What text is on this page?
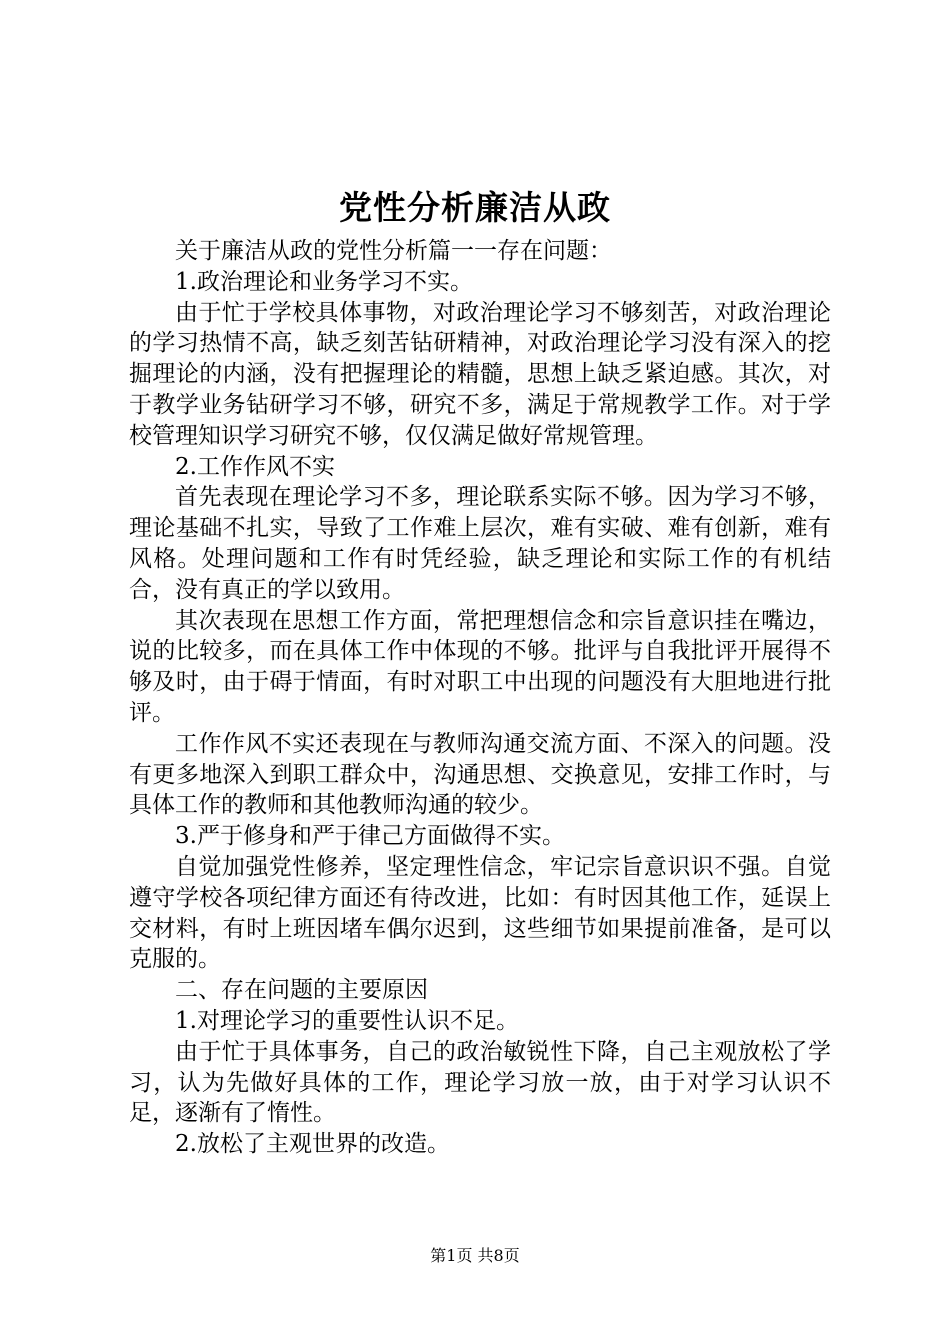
党性分析廉洁从政

关于廉洁从政的党性分析篇一一存在问题：

1.政治理论和业务学习不实。

由于忙于学校具体事物，对政治理论学习不够刻苦，对政治理论的学习热情不高，缺乏刻苦钻研精神，对政治理论学习没有深入的挖掘理论的内涵，没有把握理论的精髓，思想上缺乏紧迫感。其次，对于教学业务钻研学习不够，研究不多，满足于常规教学工作。对于学校管理知识学习研究不够，仅仅满足做好常规管理。

2.工作作风不实

首先表现在理论学习不多，理论联系实际不够。因为学习不够，理论基础不扎实，导致了工作难上层次，难有实破、难有创新，难有风格。处理问题和工作有时凭经验，缺乏理论和实际工作的有机结合，没有真正的学以致用。

其次表现在思想工作方面，常把理想信念和宗旨意识挂在嘴边，说的比较多，而在具体工作中体现的不够。批评与自我批评开展得不够及时，由于碍于情面，有时对职工中出现的问题没有大胆地进行批评。

工作作风不实还表现在与教师沟通交流方面、不深入的问题。没有更多地深入到职工群众中，沟通思想、交换意见，安排工作时，与具体工作的教师和其他教师沟通的较少。

3.严于修身和严于律己方面做得不实。

自觉加强党性修养，坚定理性信念，牢记宗旨意识识不强。自觉遵守学校各项纪律方面还有待改进，比如：有时因其他工作，延误上交材料，有时上班因堵车偶尔迟到，这些细节如果提前准备，是可以克服的。

二、存在问题的主要原因

1.对理论学习的重要性认识不足。

由于忙于具体事务，自己的政治敏锐性下降，自己主观放松了学习，认为先做好具体的工作，理论学习放一放，由于对学习认识不足，逐渐有了惰性。

2.放松了主观世界的改造。

第1页 共8页
